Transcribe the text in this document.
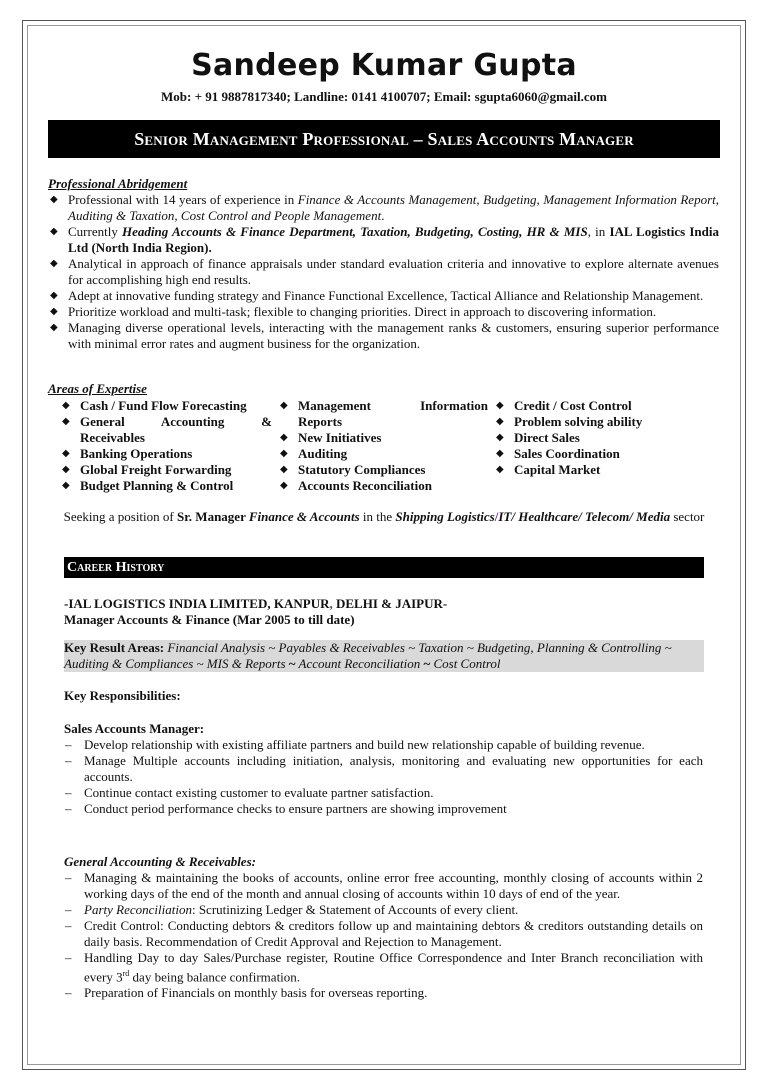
Sandeep Kumar Gupta
Mob: + 91 9887817340; Landline: 0141 4100707; Email: sgupta6060@gmail.com
Senior Management Professional – Sales Accounts Manager
Professional Abridgement
◆ Professional with 14 years of experience in Finance & Accounts Management, Budgeting, Management Information Report, Auditing & Taxation, Cost Control and People Management.
◆ Currently Heading Accounts & Finance Department, Taxation, Budgeting, Costing, HR & MIS, in IAL Logistics India Ltd (North India Region).
◆ Analytical in approach of finance appraisals under standard evaluation criteria and innovative to explore alternate avenues for accomplishing high end results.
◆ Adept at innovative funding strategy and Finance Functional Excellence, Tactical Alliance and Relationship Management.
◆ Prioritize workload and multi-task; flexible to changing priorities. Direct in approach to discovering information.
◆ Managing diverse operational levels, interacting with the management ranks & customers, ensuring superior performance with minimal error rates and augment business for the organization.
Areas of Expertise
◆ Cash / Fund Flow Forecasting
◆ General Accounting & Receivables
◆ Banking Operations
◆ Global Freight Forwarding
◆ Budget Planning & Control
◆ Management Information Reports
◆ New Initiatives
◆ Auditing
◆ Statutory Compliances
◆ Accounts Reconciliation
◆ Credit / Cost Control
◆ Problem solving ability
◆ Direct Sales
◆ Sales Coordination
◆ Capital Market
Seeking a position of Sr. Manager Finance & Accounts in the Shipping Logistics/IT/ Healthcare/ Telecom/ Media sector
Career History
-IAL LOGISTICS INDIA LIMITED, KANPUR, DELHI & JAIPUR-
Manager Accounts & Finance (Mar 2005 to till date)
Key Result Areas: Financial Analysis ~ Payables & Receivables ~ Taxation ~ Budgeting, Planning & Controlling ~ Auditing & Compliances ~ MIS & Reports ~ Account Reconciliation ~ Cost Control
Key Responsibilities:
Sales Accounts Manager:
– Develop relationship with existing affiliate partners and build new relationship capable of building revenue.
– Manage Multiple accounts including initiation, analysis, monitoring and evaluating new opportunities for each accounts.
– Continue contact existing customer to evaluate partner satisfaction.
– Conduct period performance checks to ensure partners are showing improvement
General Accounting & Receivables:
– Managing & maintaining the books of accounts, online error free accounting, monthly closing of accounts within 2 working days of the end of the month and annual closing of accounts within 10 days of end of the year.
– Party Reconciliation: Scrutinizing Ledger & Statement of Accounts of every client.
– Credit Control: Conducting debtors & creditors follow up and maintaining debtors & creditors outstanding details on daily basis. Recommendation of Credit Approval and Rejection to Management.
– Handling Day to day Sales/Purchase register, Routine Office Correspondence and Inter Branch reconciliation with every 3rd day being balance confirmation.
– Preparation of Financials on monthly basis for overseas reporting.
